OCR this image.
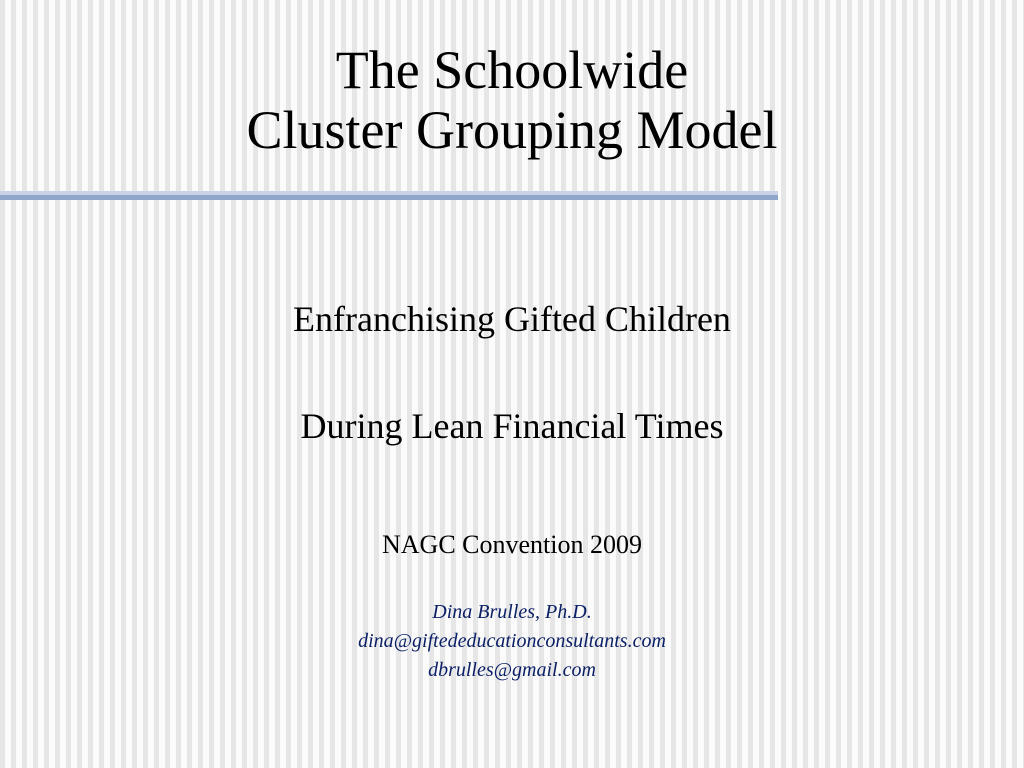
The Schoolwide
Cluster Grouping Model
Enfranchising Gifted Children
During Lean Financial Times
NAGC Convention 2009
Dina Brulles, Ph.D.
dina@giftededucationconsultants.com
dbrulles@gmail.com
